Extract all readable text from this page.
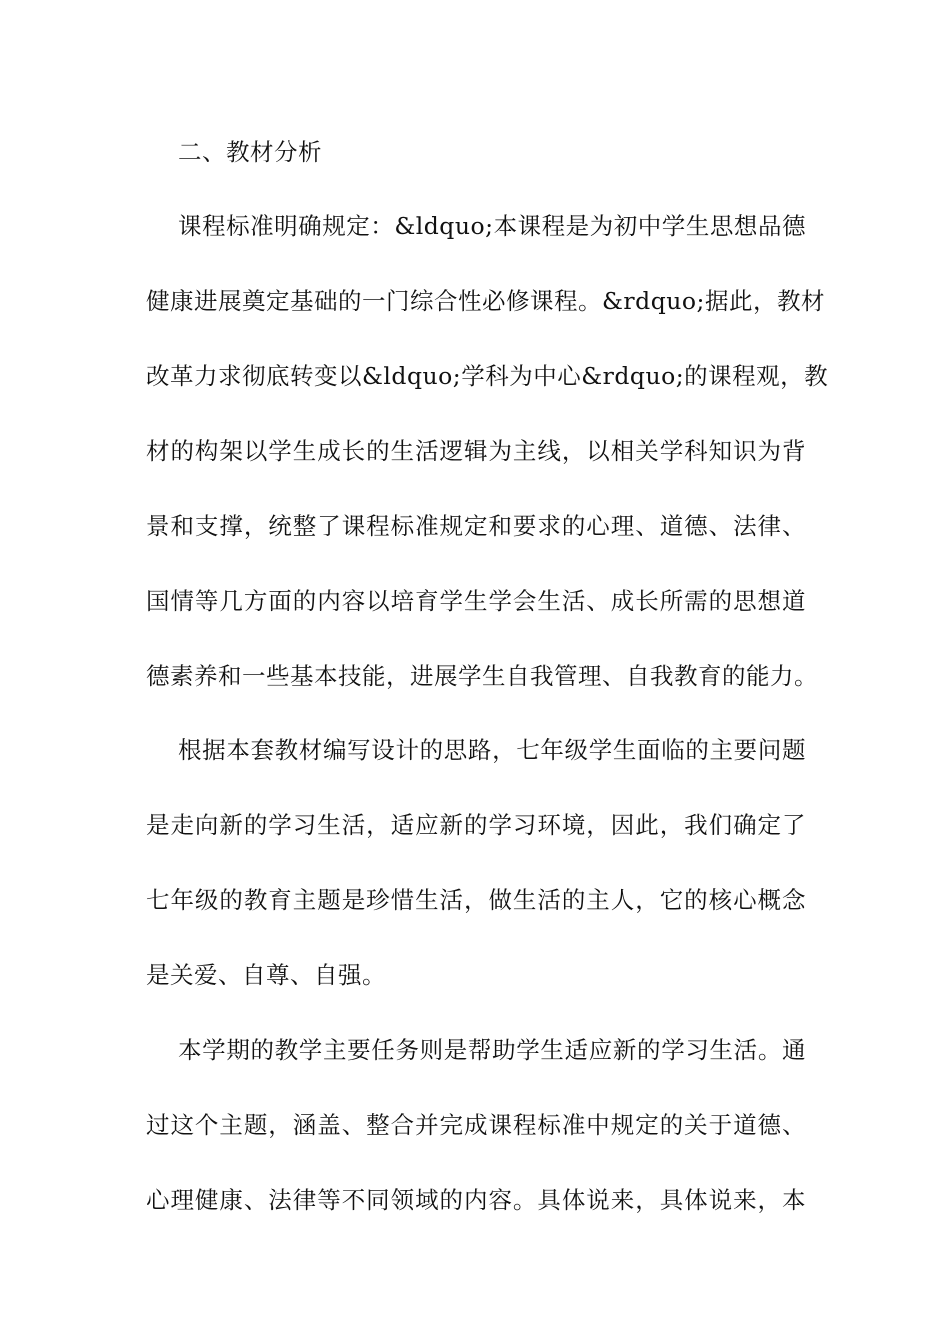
二、教材分析
课程标准明确规定：&ldquo;本课程是为初中学生思想品德
健康进展奠定基础的一门综合性必修课程。&rdquo;据此，教材
改革力求彻底转变以&ldquo;学科为中心&rdquo;的课程观，教
材的构架以学生成长的生活逻辑为主线，以相关学科知识为背
景和支撑，统整了课程标准规定和要求的心理、道德、法律、
国情等几方面的内容以培育学生学会生活、成长所需的思想道
德素养和一些基本技能，进展学生自我管理、自我教育的能力。
根据本套教材编写设计的思路，七年级学生面临的主要问题
是走向新的学习生活，适应新的学习环境，因此，我们确定了
七年级的教育主题是珍惜生活，做生活的主人，它的核心概念
是关爱、自尊、自强。
本学期的教学主要任务则是帮助学生适应新的学习生活。通
过这个主题，涵盖、整合并完成课程标准中规定的关于道德、
心理健康、法律等不同领域的内容。具体说来，具体说来，本
